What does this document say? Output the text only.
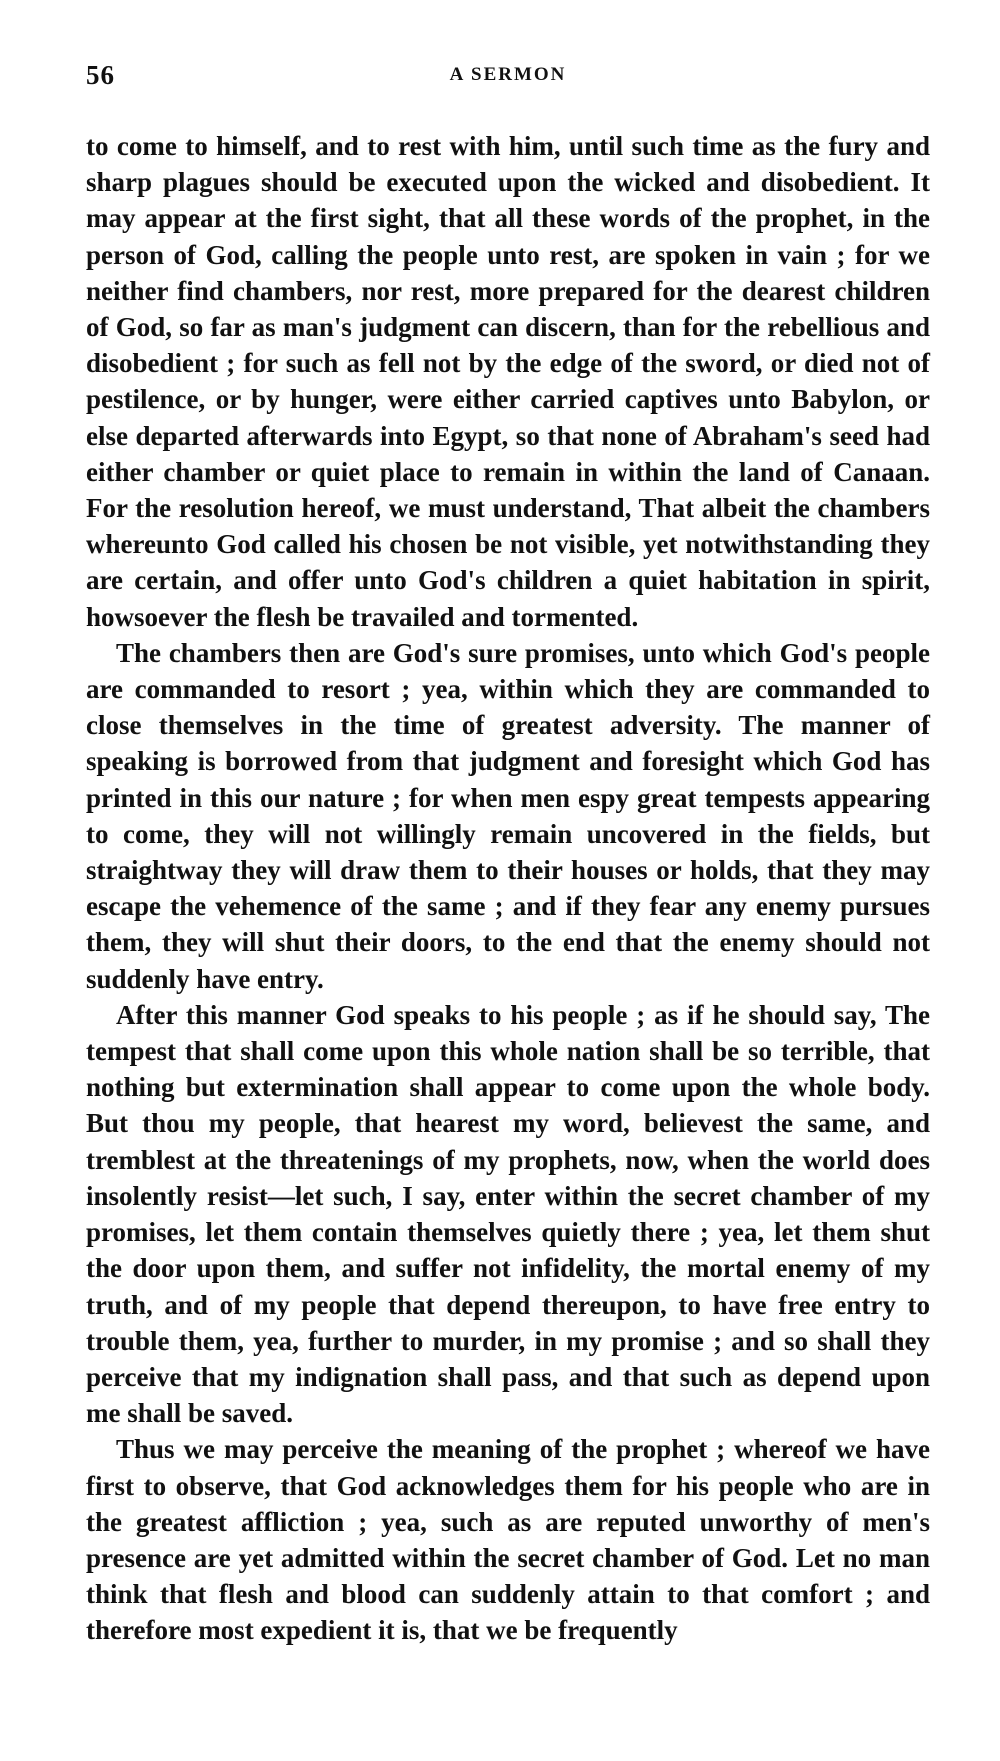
56	A SERMON

to come to himself, and to rest with him, until such time as the fury and sharp plagues should be executed upon the wicked and disobedient. It may appear at the first sight, that all these words of the prophet, in the person of God, calling the people unto rest, are spoken in vain ; for we neither find chambers, nor rest, more prepared for the dearest children of God, so far as man's judgment can discern, than for the rebellious and disobedient ; for such as fell not by the edge of the sword, or died not of pestilence, or by hunger, were either carried captives unto Babylon, or else departed afterwards into Egypt, so that none of Abraham's seed had either chamber or quiet place to remain in within the land of Canaan. For the resolution hereof, we must understand, That albeit the chambers whereunto God called his chosen be not visible, yet notwithstanding they are certain, and offer unto God's children a quiet habitation in spirit, howsoever the flesh be travailed and tormented.

The chambers then are God's sure promises, unto which God's people are commanded to resort ; yea, within which they are commanded to close themselves in the time of greatest adversity. The manner of speaking is borrowed from that judgment and foresight which God has printed in this our nature ; for when men espy great tempests appearing to come, they will not willingly remain uncovered in the fields, but straightway they will draw them to their houses or holds, that they may escape the vehemence of the same ; and if they fear any enemy pursues them, they will shut their doors, to the end that the enemy should not suddenly have entry.

After this manner God speaks to his people ; as if he should say, The tempest that shall come upon this whole nation shall be so terrible, that nothing but extermination shall appear to come upon the whole body. But thou my people, that hearest my word, believest the same, and tremblest at the threatenings of my prophets, now, when the world does insolently resist—let such, I say, enter within the secret chamber of my promises, let them contain themselves quietly there ; yea, let them shut the door upon them, and suffer not infidelity, the mortal enemy of my truth, and of my people that depend thereupon, to have free entry to trouble them, yea, further to murder, in my promise ; and so shall they perceive that my indignation shall pass, and that such as depend upon me shall be saved.

Thus we may perceive the meaning of the prophet ; whereof we have first to observe, that God acknowledges them for his people who are in the greatest affliction ; yea, such as are reputed unworthy of men's presence are yet admitted within the secret chamber of God. Let no man think that flesh and blood can suddenly attain to that comfort ; and therefore most expedient it is, that we be frequently
